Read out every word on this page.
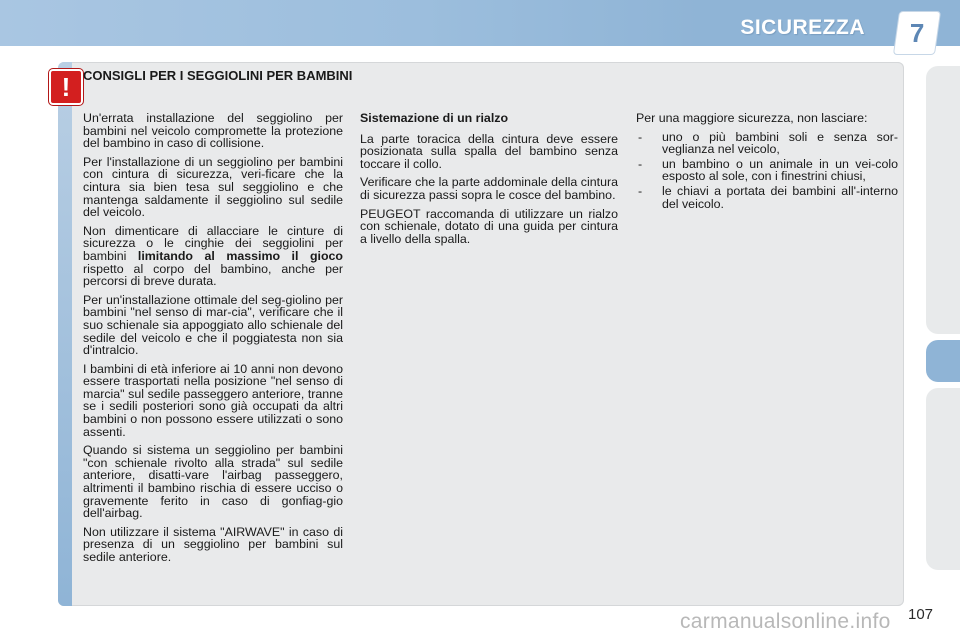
SICUREZZA 7
! CONSIGLI PER I SEGGIOLINI PER BAMBINI

Un'errata installazione del seggiolino per bambini nel veicolo compromette la protezione del bambino in caso di collisione.

Per l'installazione di un seggiolino per bambini con cintura di sicurezza, veri-ficare che la cintura sia bien tesa sul seggiolino e che mantenga saldamente il seggiolino sul sedile del veicolo.

Non dimenticare di allacciare le cinture di sicurezza o le cinghie dei seggiolini per bambini limitando al massimo il gioco rispetto al corpo del bambino, anche per percorsi di breve durata.

Per un'installazione ottimale del seg-giolino per bambini "nel senso di mar-cia", verificare che il suo schienale sia appoggiato allo schienale del sedile del veicolo e che il poggiatesta non sia d'intralcio.

I bambini di età inferiore ai 10 anni non devono essere trasportati nella posizione "nel senso di marcia" sul sedile passeggero anteriore, tranne se i sedili posteriori sono già occupati da altri bambini o non possono essere utilizzati o sono assenti.

Quando si sistema un seggiolino per bambini "con schienale rivolto alla strada" sul sedile anteriore, disatti-vare l'airbag passeggero, altrimenti il bambino rischia di essere ucciso o gravemente ferito in caso di gonfiag-gio dell'airbag.

Non utilizzare il sistema "AIRWAVE" in caso di presenza di un seggiolino per bambini sul sedile anteriore.

Sistemazione di un rialzo

La parte toracica della cintura deve essere posizionata sulla spalla del bambino senza toccare il collo.

Verificare che la parte addominale della cintura di sicurezza passi sopra le cosce del bambino.

PEUGEOT raccomanda di utilizzare un rialzo con schienale, dotato di una guida per cintura a livello della spalla.

Per una maggiore sicurezza, non lasciare:

- uno o più bambini soli e senza sor-veglianza nel veicolo,
- un bambino o un animale in un vei-colo esposto al sole, con i finestrini chiusi,
- le chiavi a portata dei bambini all'-interno del veicolo.
carmanualsonline.info 107
